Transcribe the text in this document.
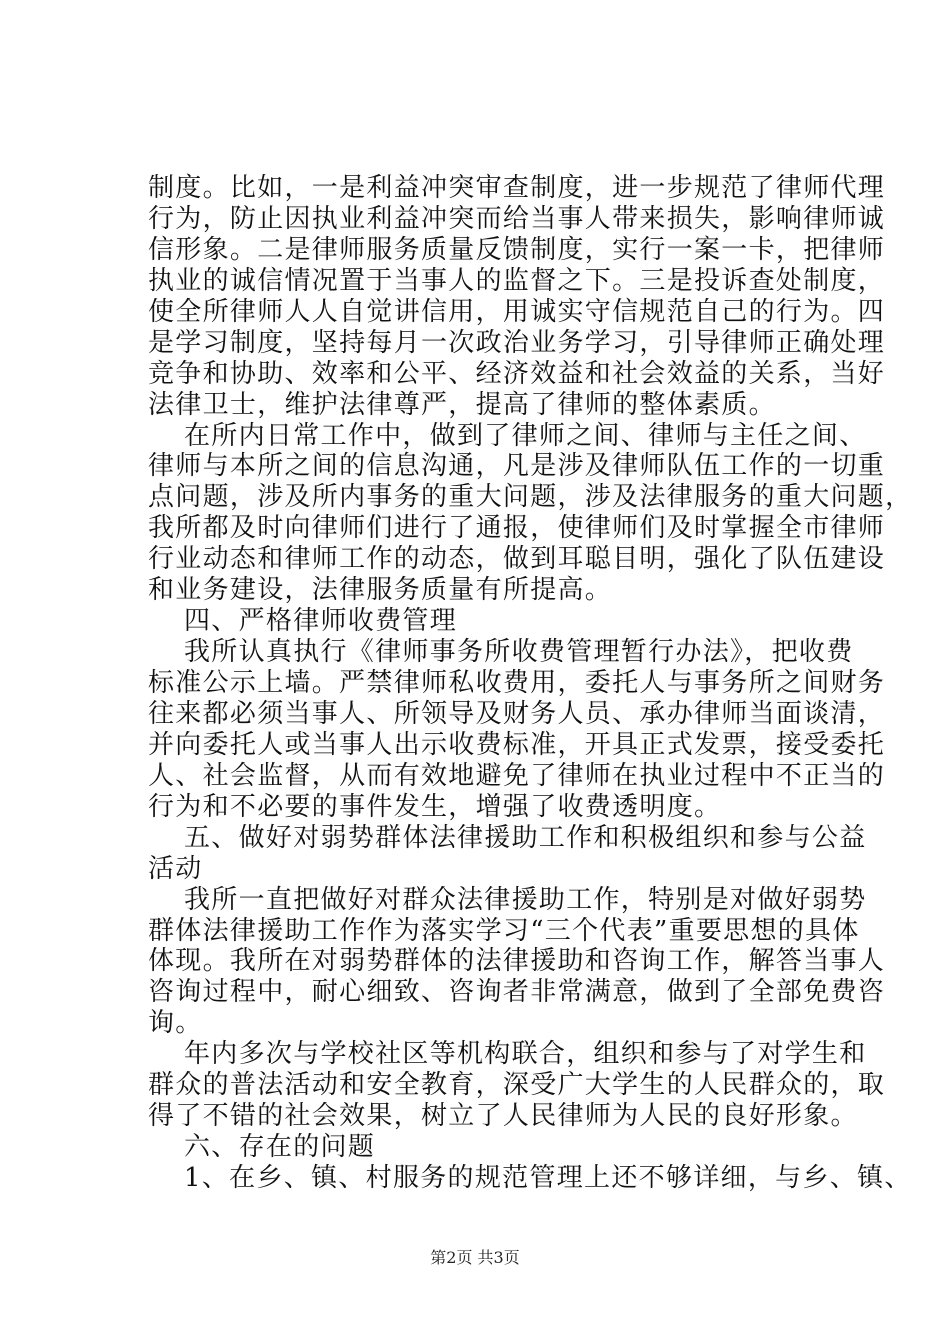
制度。比如，一是利益冲突审查制度，进一步规范了律师代理
行为，防止因执业利益冲突而给当事人带来损失，影响律师诚
信形象。二是律师服务质量反馈制度，实行一案一卡，把律师
执业的诚信情况置于当事人的监督之下。三是投诉查处制度，
使全所律师人人自觉讲信用，用诚实守信规范自己的行为。四
是学习制度，坚持每月一次政治业务学习，引导律师正确处理
竞争和协助、效率和公平、经济效益和社会效益的关系，当好
法律卫士，维护法律尊严，提高了律师的整体素质。
在所内日常工作中，做到了律师之间、律师与主任之间、
律师与本所之间的信息沟通，凡是涉及律师队伍工作的一切重
点问题，涉及所内事务的重大问题，涉及法律服务的重大问题，
我所都及时向律师们进行了通报，使律师们及时掌握全市律师
行业动态和律师工作的动态，做到耳聪目明，强化了队伍建设
和业务建设，法律服务质量有所提高。
四、严格律师收费管理
我所认真执行《律师事务所收费管理暂行办法》，把收费
标准公示上墙。严禁律师私收费用，委托人与事务所之间财务
往来都必须当事人、所领导及财务人员、承办律师当面谈清，
并向委托人或当事人出示收费标准，开具正式发票，接受委托
人、社会监督，从而有效地避免了律师在执业过程中不正当的
行为和不必要的事件发生，增强了收费透明度。
五、做好对弱势群体法律援助工作和积极组织和参与公益
活动
我所一直把做好对群众法律援助工作，特别是对做好弱势
群体法律援助工作作为落实学习“三个代表”重要思想的具体
体现。我所在对弱势群体的法律援助和咨询工作，解答当事人
咨询过程中，耐心细致、咨询者非常满意，做到了全部免费咨
询。
年内多次与学校社区等机构联合，组织和参与了对学生和
群众的普法活动和安全教育，深受广大学生的人民群众的，取
得了不错的社会效果，树立了人民律师为人民的良好形象。
六、存在的问题
1、在乡、镇、村服务的规范管理上还不够详细，与乡、镇、
第2页 共3页
